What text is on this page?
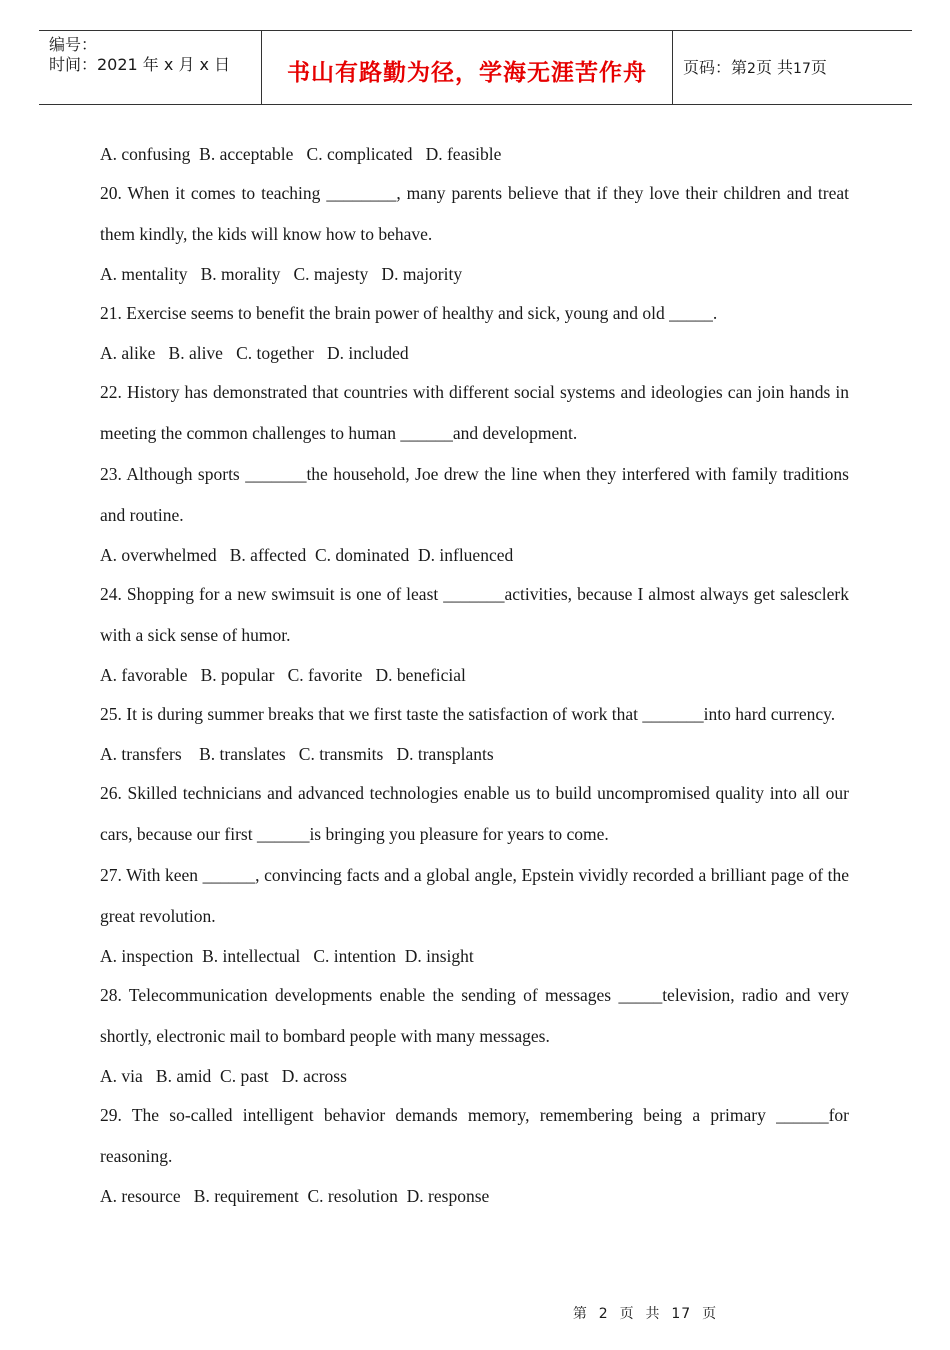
编号：
时间：2021 年 x 月 x 日 书山有路勤为径，学海无涯苦作舟 页码：第2页 共17页

A. confusing  B. acceptable   C. complicated   D. feasible

20. When it comes to teaching ________, many parents believe that if they love their children and treat them kindly, the kids will know how to behave.

A. mentality   B. morality   C. majesty   D. majority

21. Exercise seems to benefit the brain power of healthy and sick, young and old _____.

A. alike   B. alive   C. together   D. included

22. History has demonstrated that countries with different social systems and ideologies can join hands in meeting the common challenges to human ______and development.

23. Although sports _______the household, Joe drew the line when they interfered with family traditions and routine.

A. overwhelmed   B. affected  C. dominated  D. influenced

24. Shopping for a new swimsuit is one of least _______activities, because I almost always get salesclerk with a sick sense of humor.

A. favorable   B. popular   C. favorite   D. beneficial

25. It is during summer breaks that we first taste the satisfaction of work that _______into hard currency.

A. transfers    B. translates   C. transmits   D. transplants

26. Skilled technicians and advanced technologies enable us to build uncompromised quality into all our cars, because our first ______is bringing you pleasure for years to come.

27. With keen ______, convincing facts and a global angle, Epstein vividly recorded a brilliant page of the great revolution.

A. inspection  B. intellectual   C. intention  D. insight

28. Telecommunication developments enable the sending of messages _____television, radio and very shortly, electronic mail to bombard people with many messages.

A. via   B. amid  C. past   D. across

29. The so-called intelligent behavior demands memory, remembering being a primary ______for reasoning.

A. resource   B. requirement  C. resolution  D. response

第  2  页  共  17  页
